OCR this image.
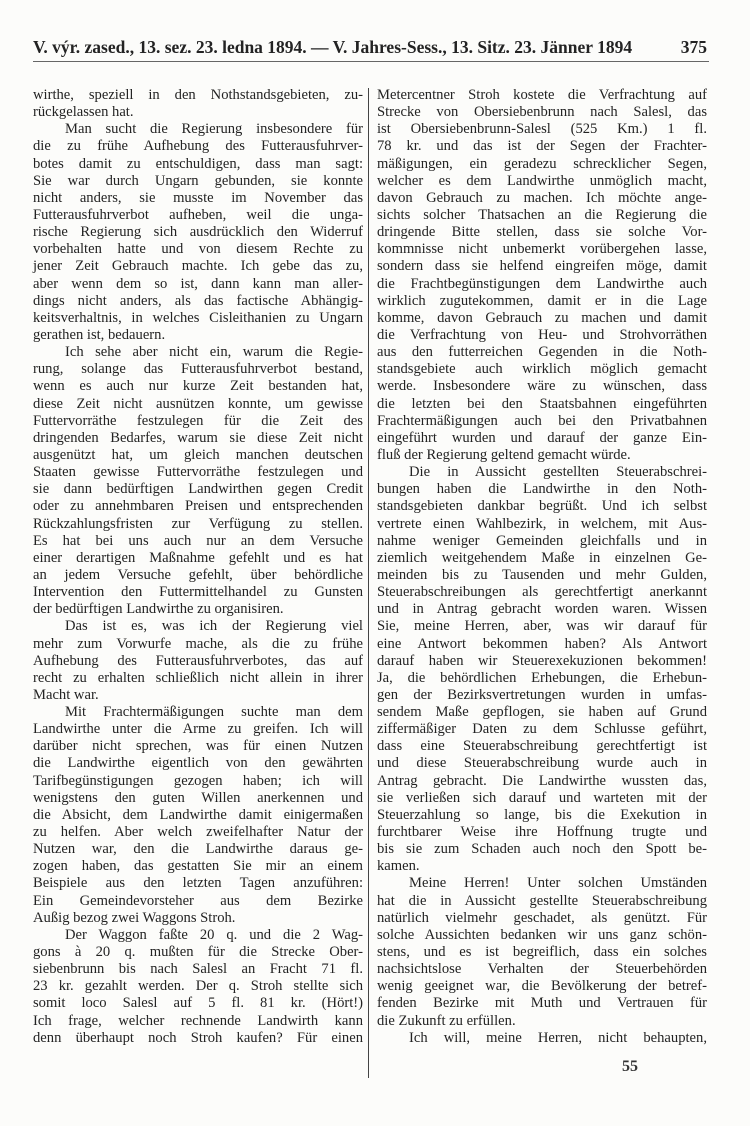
V. výr. zased., 13. sez. 23. ledna 1894. — V. Jahres-Sess., 13. Sitz. 23. Jänner 1894	375
wirthe, speziell in den Nothstandsgebieten, zu-
rückgelassen hat.
Man sucht die Regierung insbesondere für
die zu frühe Aufhebung des Futterausfuhrver-
botes damit zu entschuldigen, dass man sagt:
Sie war durch Ungarn gebunden, sie konnte
nicht anders, sie musste im November das
Futterausfuhrverbot aufheben, weil die unga-
rische Regierung sich ausdrücklich den Widerruf
vorbehalten hatte und von diesem Rechte zu
jener Zeit Gebrauch machte. Ich gebe das zu,
aber wenn dem so ist, dann kann man aller-
dings nicht anders, als das factische Abhängig-
keitsverhaltnis, in welches Cisleithanien zu Ungarn
gerathen ist, bedauern.
Ich sehe aber nicht ein, warum die Regie-
rung, solange das Futterausfuhrverbot bestand,
wenn es auch nur kurze Zeit bestanden hat,
diese Zeit nicht ausnützen konnte, um gewisse
Futtervorräthe festzulegen für die Zeit des
dringenden Bedarfes, warum sie diese Zeit nicht
ausgenützt hat, um gleich manchen deutschen
Staaten gewisse Futtervorräthe festzulegen und
sie dann bedürftigen Landwirthen gegen Credit
oder zu annehmbaren Preisen und entsprechenden
Rückzahlungsfristen zur Verfügung zu stellen.
Es hat bei uns auch nur an dem Versuche
einer derartigen Maßnahme gefehlt und es hat
an jedem Versuche gefehlt, über behördliche
Intervention den Futtermittelhandel zu Gunsten
der bedürftigen Landwirthe zu organisiren.
Das ist es, was ich der Regierung viel
mehr zum Vorwurfe mache, als die zu frühe
Aufhebung des Futterausfuhrverbotes, das auf
recht zu erhalten schließlich nicht allein in ihrer
Macht war.
Mit Frachtermäßigungen suchte man dem
Landwirthe unter die Arme zu greifen. Ich will
darüber nicht sprechen, was für einen Nutzen
die Landwirthe eigentlich von den gewährten
Tarifbegünstigungen gezogen haben; ich will
wenigstens den guten Willen anerkennen und
die Absicht, dem Landwirthe damit einigermaßen
zu helfen. Aber welch zweifelhafter Natur der
Nutzen war, den die Landwirthe daraus ge-
zogen haben, das gestatten Sie mir an einem
Beispiele aus den letzten Tagen anzuführen:
Ein Gemeindevorsteher aus dem Bezirke
Außig bezog zwei Waggons Stroh.
Der Waggon faßte 20 q. und die 2 Wag-
gons à 20 q. mußten für die Strecke Ober-
siebenbrunn bis nach Salesl an Fracht 71 fl.
23 kr. gezahlt werden. Der q. Stroh stellte sich
somit loco Salesl auf 5 fl. 81 kr. (Hört!)
Ich frage, welcher rechnende Landwirth kann
denn überhaupt noch Stroh kaufen? Für einen
Metercentner Stroh kostete die Verfrachtung auf
Strecke von Obersiebenbrunn nach Salesl, das
ist Obersiebenbrunn-Salesl (525 Km.) 1 fl.
78 kr. und das ist der Segen der Frachter-
mäßigungen, ein geradezu schrecklicher Segen,
welcher es dem Landwirthe unmöglich macht,
davon Gebrauch zu machen. Ich möchte ange-
sichts solcher Thatsachen an die Regierung die
dringende Bitte stellen, dass sie solche Vor-
kommnisse nicht unbemerkt vorübergehen lasse,
sondern dass sie helfend eingreifen möge, damit
die Frachtbegünstigungen dem Landwirthe auch
wirklich zugutekommen, damit er in die Lage
komme, davon Gebrauch zu machen und damit
die Verfrachtung von Heu- und Strohvorräthen
aus den futterreichen Gegenden in die Noth-
standsgebiete auch wirklich möglich gemacht
werde. Insbesondere wäre zu wünschen, dass
die letzten bei den Staatsbahnen eingeführten
Frachtermäßigungen auch bei den Privatbahnen
eingeführt wurden und darauf der ganze Ein-
fluß der Regierung geltend gemacht würde.
Die in Aussicht gestellten Steuerabschrei-
bungen haben die Landwirthe in den Noth-
standsgebieten dankbar begrüßt. Und ich selbst
vertrete einen Wahlbezirk, in welchem, mit Aus-
nahme weniger Gemeinden gleichfalls und in
ziemlich weitgehendem Maße in einzelnen Ge-
meinden bis zu Tausenden und mehr Gulden,
Steuerabschreibungen als gerechtfertigt anerkannt
und in Antrag gebracht worden waren. Wissen
Sie, meine Herren, aber, was wir darauf für
eine Antwort bekommen haben? Als Antwort
darauf haben wir Steuerexekuzionen bekommen!
Ja, die behördlichen Erhebungen, die Erhebun-
gen der Bezirksvertretungen wurden in umfas-
sendem Maße gepflogen, sie haben auf Grund
ziffermäßiger Daten zu dem Schlusse geführt,
dass eine Steuerabschreibung gerechtfertigt ist
und diese Steuerabschreibung wurde auch in
Antrag gebracht. Die Landwirthe wussten das,
sie verließen sich darauf und warteten mit der
Steuerzahlung so lange, bis die Exekution in
furchtbarer Weise ihre Hoffnung trugte und
bis sie zum Schaden auch noch den Spott be-
kamen.
Meine Herren! Unter solchen Umständen
hat die in Aussicht gestellte Steuerabschreibung
natürlich vielmehr geschadet, als genützt. Für
solche Aussichten bedanken wir uns ganz schön-
stens, und es ist begreiflich, dass ein solches
nachsichtslose Verhalten der Steuerbehörden
wenig geeignet war, die Bevölkerung der betref-
fenden Bezirke mit Muth und Vertrauen für
die Zukunft zu erfüllen.
Ich will, meine Herren, nicht behaupten,
55
